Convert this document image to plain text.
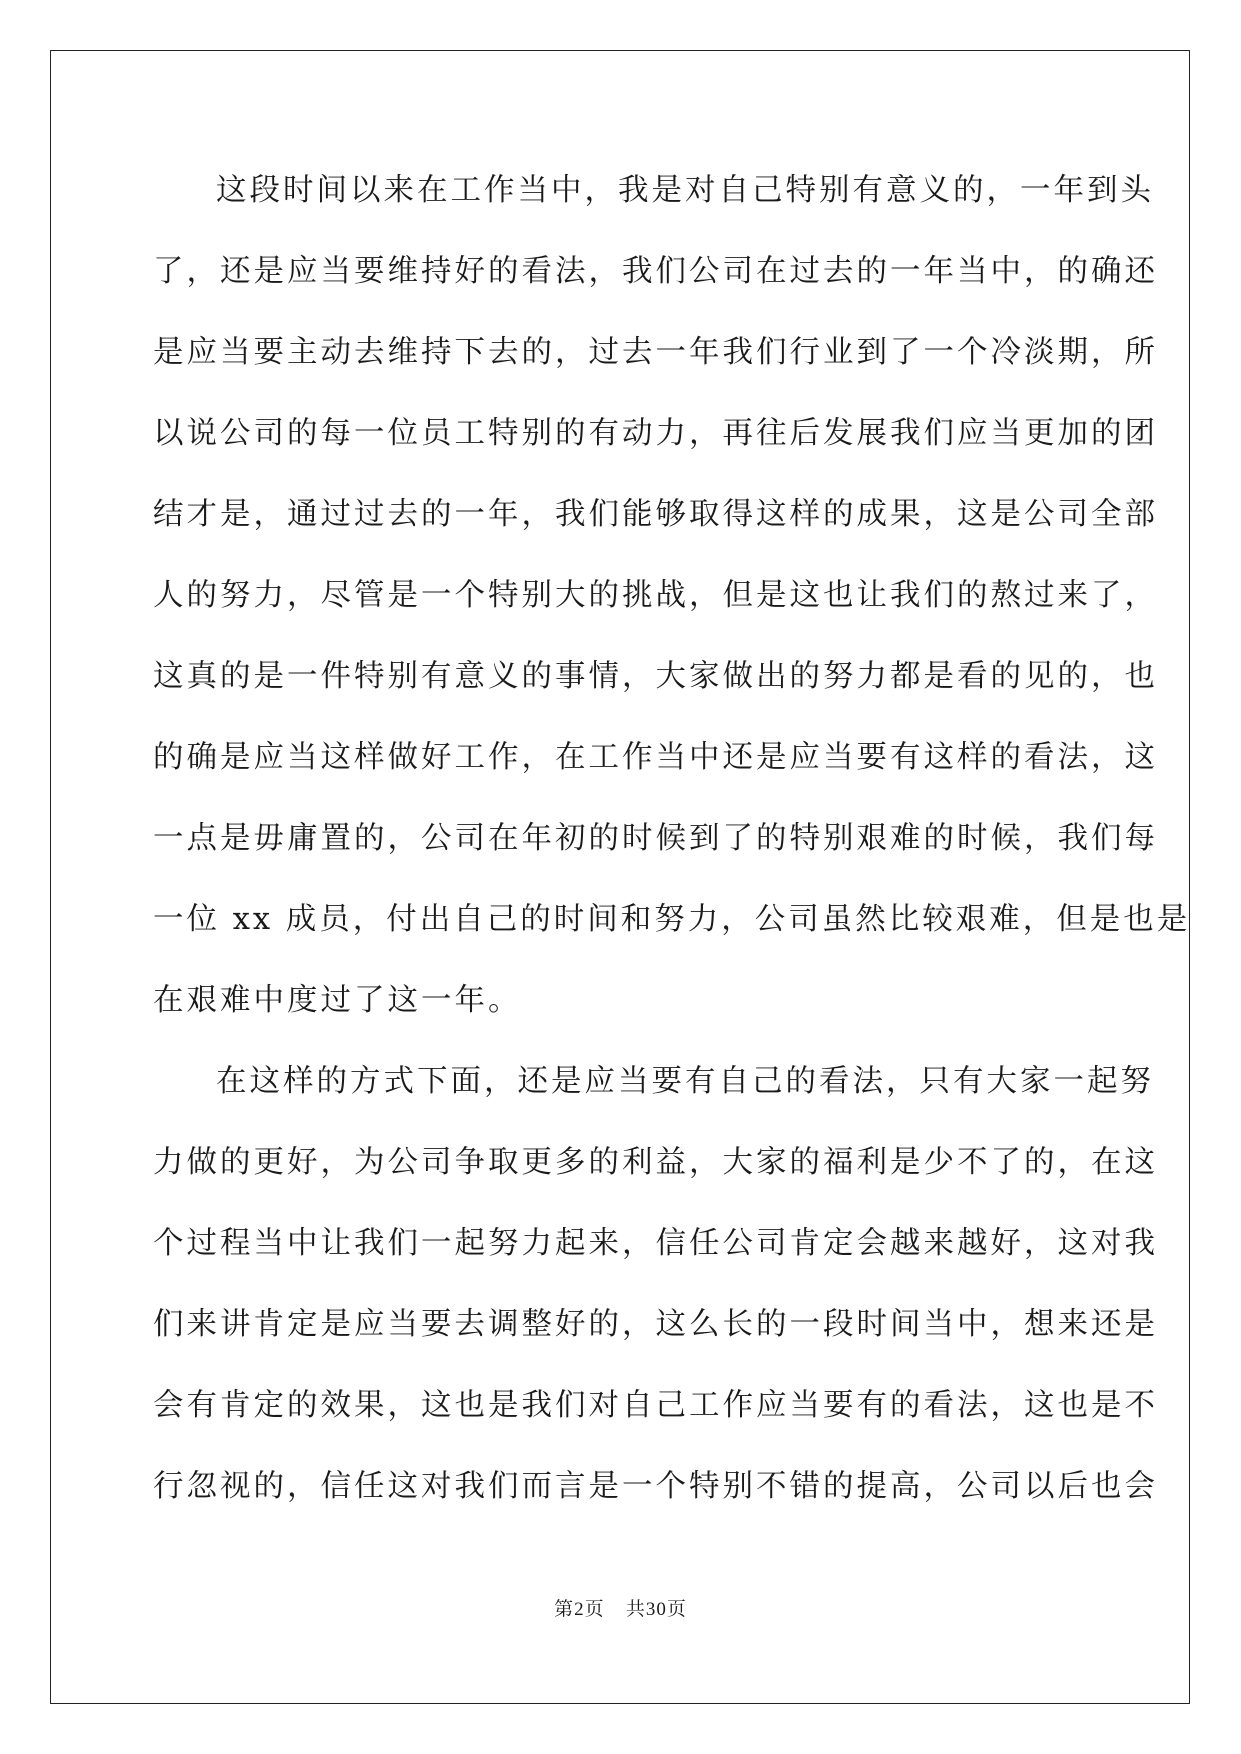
这段时间以来在工作当中，我是对自己特别有意义的，一年到头
了，还是应当要维持好的看法，我们公司在过去的一年当中，的确还
是应当要主动去维持下去的，过去一年我们行业到了一个冷淡期，所
以说公司的每一位员工特别的有动力，再往后发展我们应当更加的团
结才是，通过过去的一年，我们能够取得这样的成果，这是公司全部
人的努力，尽管是一个特别大的挑战，但是这也让我们的熬过来了，
这真的是一件特别有意义的事情，大家做出的努力都是看的见的，也
的确是应当这样做好工作，在工作当中还是应当要有这样的看法，这
一点是毋庸置的，公司在年初的时候到了的特别艰难的时候，我们每
一位 xx 成员，付出自己的时间和努力，公司虽然比较艰难，但是也是
在艰难中度过了这一年。
在这样的方式下面，还是应当要有自己的看法，只有大家一起努
力做的更好，为公司争取更多的利益，大家的福利是少不了的，在这
个过程当中让我们一起努力起来，信任公司肯定会越来越好，这对我
们来讲肯定是应当要去调整好的，这么长的一段时间当中，想来还是
会有肯定的效果，这也是我们对自己工作应当要有的看法，这也是不
行忽视的，信任这对我们而言是一个特别不错的提高，公司以后也会
第2页 共30页
